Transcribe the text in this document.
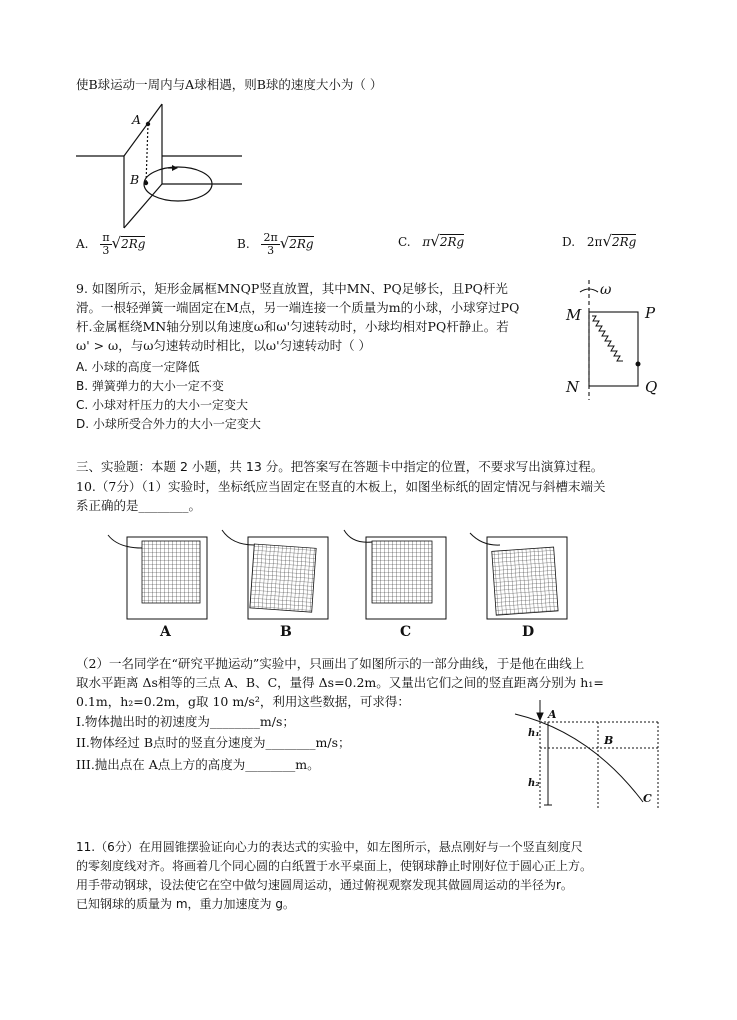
使B球运动一周内与A球相遇，则B球的速度大小为（ ）
A
B
A. $\frac{\pi}{3} √2Rg$	B. $\frac{2\pi}{3} √2Rg$	C. π√2Rg	D. 2π√2Rg
9. 如图所示，矩形金属框MNQP竖直放置，其中MN、PQ足够长，且PQ杆光
滑。一根轻弹簧一端固定在M点，另一端连接一个质量为m的小球，小球穿过PQ
杆.金属框绕MN轴分别以角速度ω和ω'匀速转动时，小球均相对PQ杆静止。若
ω' > ω，与ω匀速转动时相比，以ω'匀速转动时（ ）
A. 小球的高度一定降低
B. 弹簧弹力的大小一定不变
C. 小球对杆压力的大小一定变大
D. 小球所受合外力的大小一定变大
ω
M	P
N	Q
三、实验题：本题 2 小题，共 13 分。把答案写在答题卡中指定的位置，不要求写出演算过程。
10.（7分）（1）实验时，坐标纸应当固定在竖直的木板上，如图坐标纸的固定情况与斜槽末端关
系正确的是________。
A	B	C	D
（2）一名同学在“研究平抛运动”实验中，只画出了如图所示的一部分曲线，于是他在曲线上
取水平距离 Δs相等的三点 A、B、C，量得 Δs=0.2m。又量出它们之间的竖直距离分别为 h₁=
0.1m，h₂=0.2m，g取 10 m/s²，利用这些数据，可求得：
I.物体抛出时的初速度为________m/s；
II.物体经过 B点时的竖直分速度为________m/s；
III.抛出点在 A点上方的高度为________m。
A
B
C
h₁
h₂
11.（6分）在用圆锥摆验证向心力的表达式的实验中，如左图所示，悬点刚好与一个竖直刻度尺
的零刻度线对齐。将画着几个同心圆的白纸置于水平桌面上，使钢球静止时刚好位于圆心正上方。
用手带动钢球，设法使它在空中做匀速圆周运动，通过俯视观察发现其做圆周运动的半径为r。
已知钢球的质量为 m，重力加速度为 g。
